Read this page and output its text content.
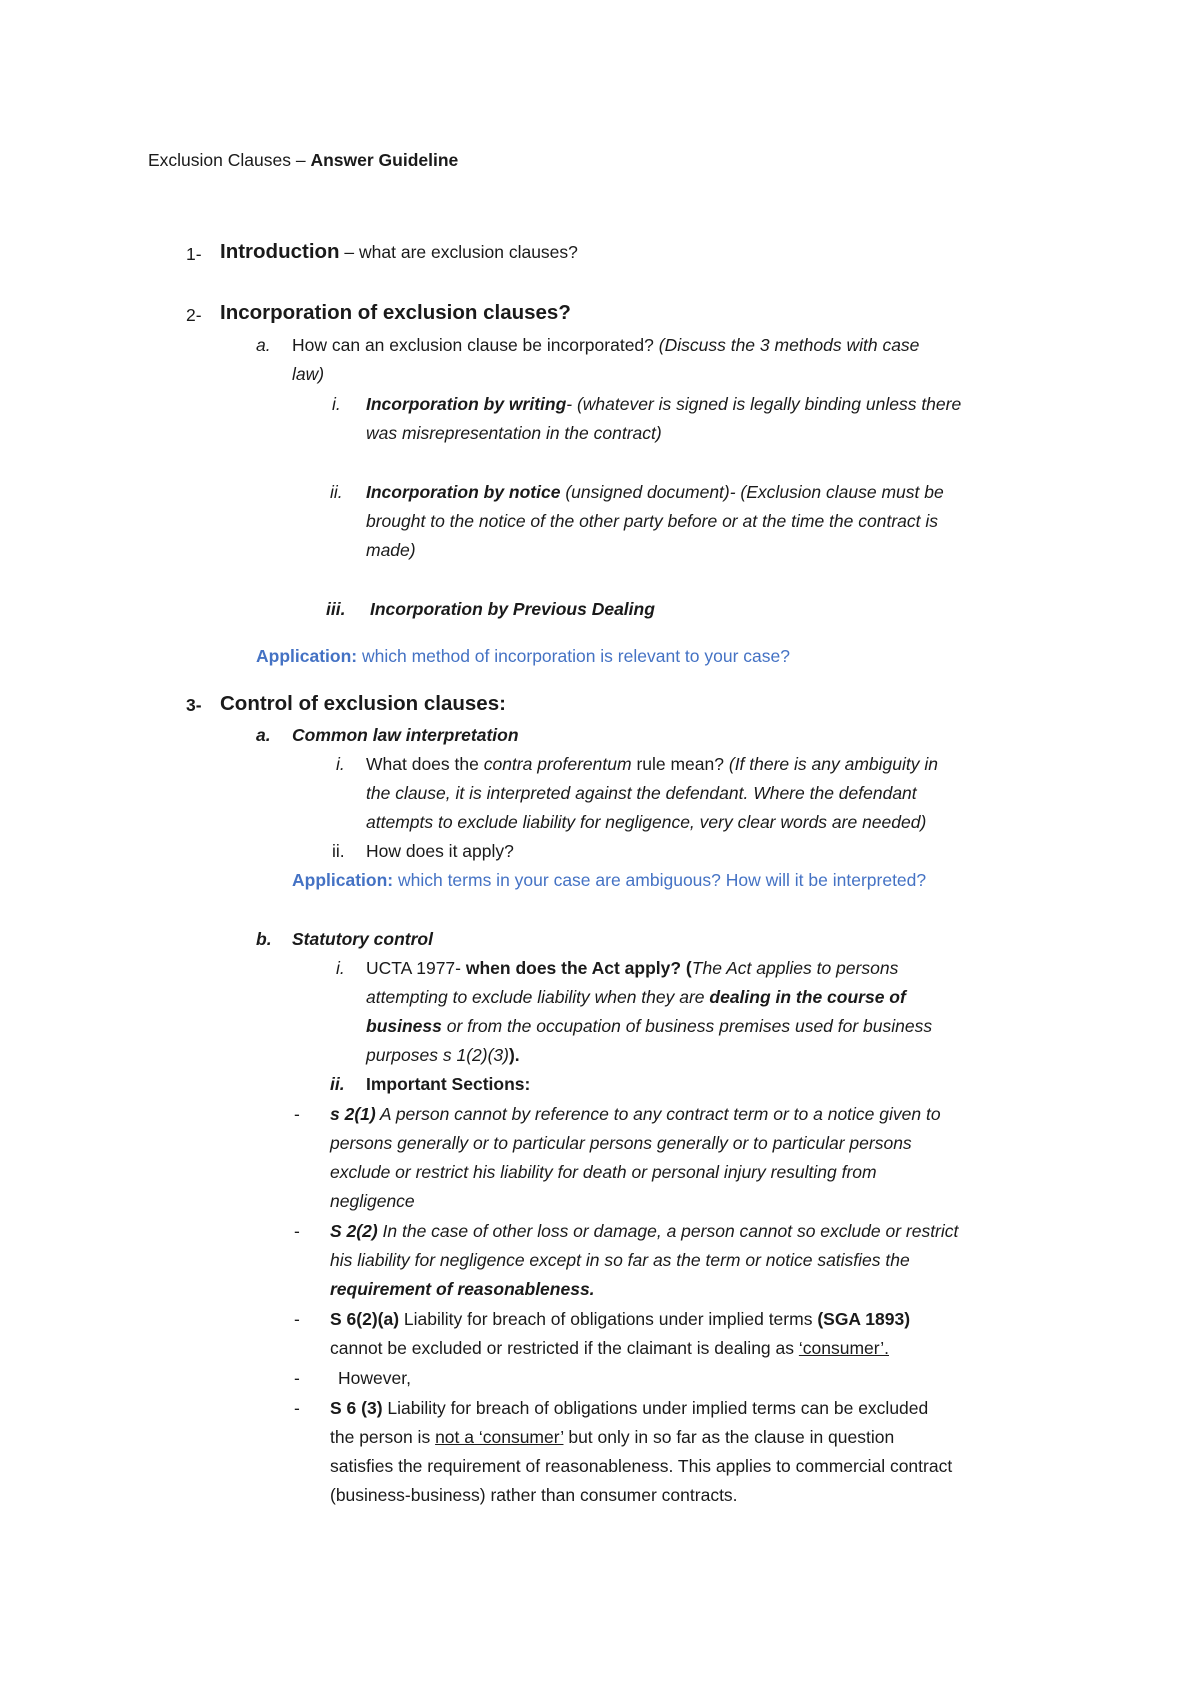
Exclusion Clauses – Answer Guideline
1- Introduction – what are exclusion clauses?
2- Incorporation of exclusion clauses?
a. How can an exclusion clause be incorporated? (Discuss the 3 methods with case
law)
i. Incorporation by writing- (whatever is signed is legally binding unless there
was misrepresentation in the contract)
ii. Incorporation by notice (unsigned document)- (Exclusion clause must be
brought to the notice of the other party before or at the time the contract is
made)
iii. Incorporation by Previous Dealing
Application: which method of incorporation is relevant to your case?
3- Control of exclusion clauses:
a. Common law interpretation
i. What does the contra proferentum rule mean? (If there is any ambiguity in
the clause, it is interpreted against the defendant. Where the defendant
attempts to exclude liability for negligence, very clear words are needed)
ii. How does it apply?
Application: which terms in your case are ambiguous? How will it be interpreted?
b. Statutory control
i. UCTA 1977- when does the Act apply? (The Act applies to persons
attempting to exclude liability when they are dealing in the course of
business or from the occupation of business premises used for business
purposes s 1(2)(3)).
ii. Important Sections:
- s 2(1) A person cannot by reference to any contract term or to a notice given to
persons generally or to particular persons generally or to particular persons
exclude or restrict his liability for death or personal injury resulting from
negligence
- S 2(2) In the case of other loss or damage, a person cannot so exclude or restrict
his liability for negligence except in so far as the term or notice satisfies the
requirement of reasonableness.
- S 6(2)(a) Liability for breach of obligations under implied terms (SGA 1893)
cannot be excluded or restricted if the claimant is dealing as ‘consumer’.
- However,
- S 6 (3) Liability for breach of obligations under implied terms can be excluded
the person is not a ‘consumer’ but only in so far as the clause in question
satisfies the requirement of reasonableness. This applies to commercial contract
(business-business) rather than consumer contracts.
